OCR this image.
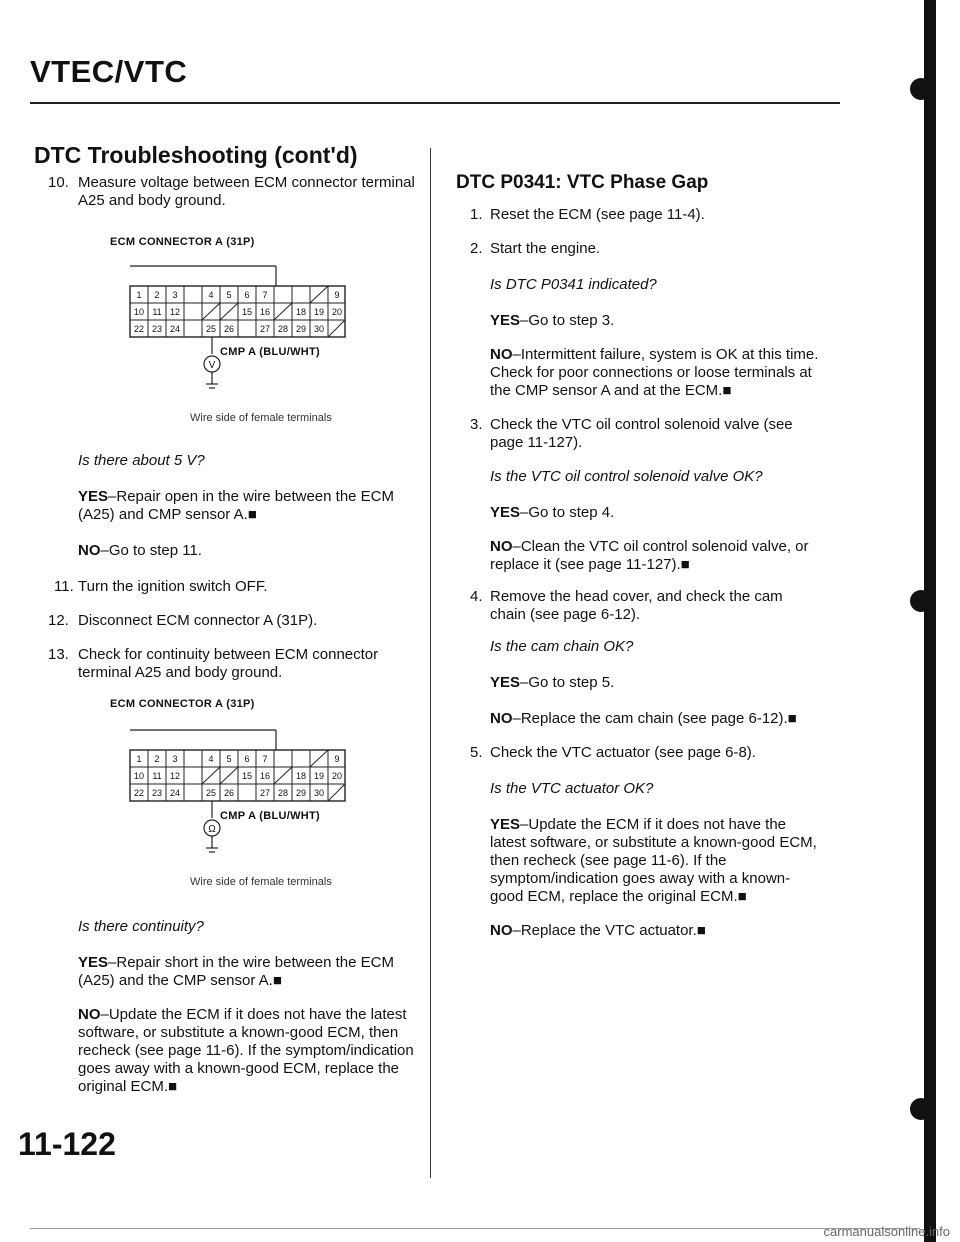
VTEC/VTC
DTC Troubleshooting (cont'd)
10. Measure voltage between ECM connector terminal A25 and body ground.
ECM CONNECTOR A (31P)
1 2 3	4 5 6 7	9
10 11 12	15 16	18 19 20
22 23 24	25 26	27 28 29 30
V
CMP A (BLU/WHT)
Wire side of female terminals
Is there about 5 V?
YES–Repair open in the wire between the ECM (A25) and CMP sensor A.■
NO–Go to step 11.
11. Turn the ignition switch OFF.
12. Disconnect ECM connector A (31P).
13. Check for continuity between ECM connector terminal A25 and body ground.
ECM CONNECTOR A (31P)
1 2 3	4 5 6 7	9
10 11 12	15 16	18 19 20
22 23 24	25 26	27 28 29 30
Ω
CMP A (BLU/WHT)
Wire side of female terminals
Is there continuity?
YES–Repair short in the wire between the ECM (A25) and the CMP sensor A.■
NO–Update the ECM if it does not have the latest software, or substitute a known-good ECM, then recheck (see page 11-6). If the symptom/indication goes away with a known-good ECM, replace the original ECM.■
DTC P0341: VTC Phase Gap
1. Reset the ECM (see page 11-4).
2. Start the engine.
Is DTC P0341 indicated?
YES–Go to step 3.
NO–Intermittent failure, system is OK at this time. Check for poor connections or loose terminals at the CMP sensor A and at the ECM.■
3. Check the VTC oil control solenoid valve (see page 11-127).
Is the VTC oil control solenoid valve OK?
YES–Go to step 4.
NO–Clean the VTC oil control solenoid valve, or replace it (see page 11-127).■
4. Remove the head cover, and check the cam chain (see page 6-12).
Is the cam chain OK?
YES–Go to step 5.
NO–Replace the cam chain (see page 6-12).■
5. Check the VTC actuator (see page 6-8).
Is the VTC actuator OK?
YES–Update the ECM if it does not have the latest software, or substitute a known-good ECM, then recheck (see page 11-6). If the symptom/indication goes away with a known-good ECM, replace the original ECM.■
NO–Replace the VTC actuator.■
11-122
carmanualsonline.info
